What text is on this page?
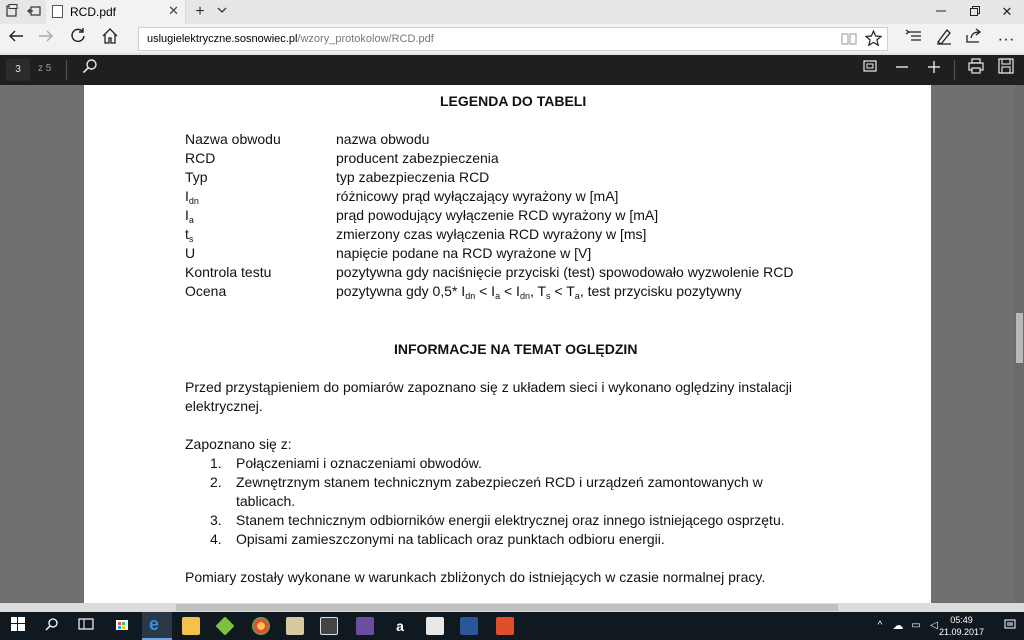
RCD.pdf	✕ +	✕
uslugielektryczne.sosnowiec.pl/wzory_protokolow/RCD.pdf	···
3	z 5
LEGENDA DO TABELI
Nazwa obwodu	nazwa obwodu
RCD	producent zabezpieczenia
Typ	typ zabezpieczenia RCD
$I_{dn}$	różnicowy prąd wyłączający wyrażony w [mA]
$I_a$	prąd powodujący wyłączenie RCD wyrażony w [mA]
$t_s$	zmierzony czas wyłączenia RCD wyrażony w [ms]
U	napięcie podane na RCD wyrażone w [V]
Kontrola testu	pozytywna gdy naciśnięcie przyciski (test) spowodowało wyzwolenie RCD
Ocena	pozytywna gdy 0,5* $I_{dn} < I_a < I_{dn}$, $T_s < T_a$, test przycisku pozytywny
INFORMACJE NA TEMAT OGLĘDZIN
Przed przystąpieniem do pomiarów zapoznano się z układem sieci i wykonano oględziny instalacji
elektrycznej.
Zapoznano się z:
1. Połączeniami i oznaczeniami obwodów.
2. Zewnętrznym stanem technicznym zabezpieczeń RCD i urządzeń zamontowanych w
tablicach.
3. Stanem technicznym odbiorników energii elektrycznej oraz innego istniejącego osprzętu.
4. Opisami zamieszczonymi na tablicach oraz punktach odbioru energii.
Pomiary zostały wykonane w warunkach zbliżonych do istniejących w czasie normalnej pracy.
e	a	^ ☁ ▭ ◁	05:49
21.09.2017
